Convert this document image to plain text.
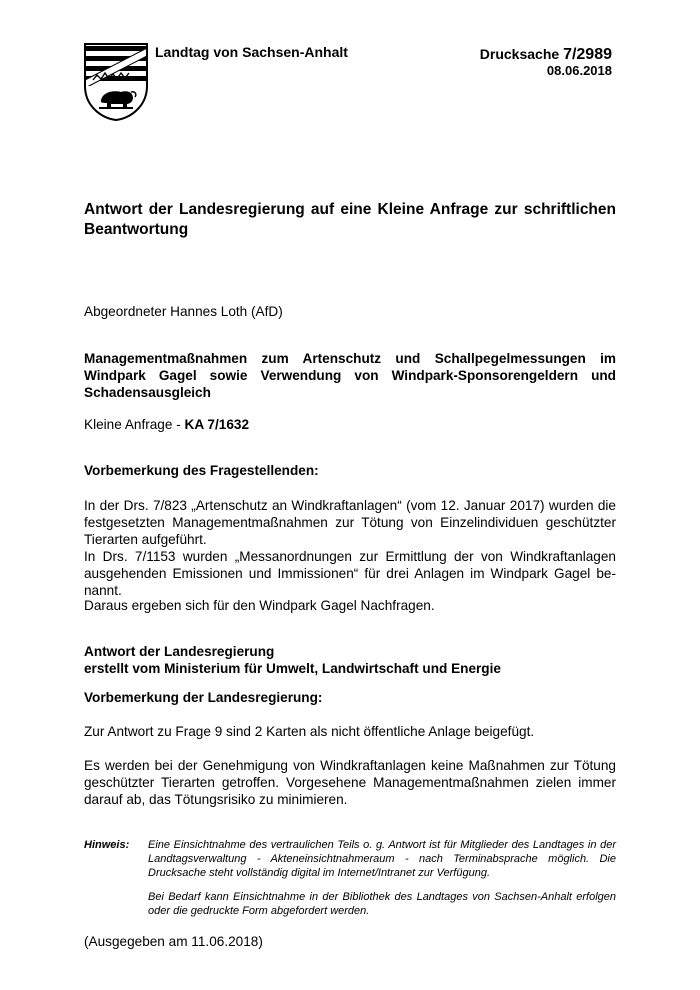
Landtag von Sachsen-Anhalt	Drucksache 7/2989
08.06.2018
Antwort der Landesregierung auf eine Kleine Anfrage zur schriftlichen Beantwortung
Abgeordneter Hannes Loth (AfD)
Managementmaßnahmen zum Artenschutz und Schallpegelmessungen im Windpark Gagel sowie Verwendung von Windpark-Sponsorengeldern und Schadensausgleich
Kleine Anfrage - KA 7/1632
Vorbemerkung des Fragestellenden:
In der Drs. 7/823 „Artenschutz an Windkraftanlagen“ (vom 12. Januar 2017) wurden die festgesetzten Managementmaßnahmen zur Tötung von Einzelindividuen geschützter Tierarten aufgeführt.
In Drs. 7/1153 wurden „Messanordnungen zur Ermittlung der von Windkraftanlagen ausgehenden Emissionen und Immissionen“ für drei Anlagen im Windpark Gagel benannt.
Daraus ergeben sich für den Windpark Gagel Nachfragen.
Antwort der Landesregierung
erstellt vom Ministerium für Umwelt, Landwirtschaft und Energie
Vorbemerkung der Landesregierung:
Zur Antwort zu Frage 9 sind 2 Karten als nicht öffentliche Anlage beigefügt.
Es werden bei der Genehmigung von Windkraftanlagen keine Maßnahmen zur Tötung geschützter Tierarten getroffen. Vorgesehene Managementmaßnahmen zielen immer darauf ab, das Tötungsrisiko zu minimieren.
Hinweis: Eine Einsichtnahme des vertraulichen Teils o. g. Antwort ist für Mitglieder des Landtages in der Landtagsverwaltung - Akteneinsichtnahmeraum - nach Terminabsprache möglich. Die Drucksache steht vollständig digital im Internet/Intranet zur Verfügung.

Bei Bedarf kann Einsichtnahme in der Bibliothek des Landtages von Sachsen-Anhalt erfolgen oder die gedruckte Form abgefordert werden.

(Ausgegeben am 11.06.2018)
